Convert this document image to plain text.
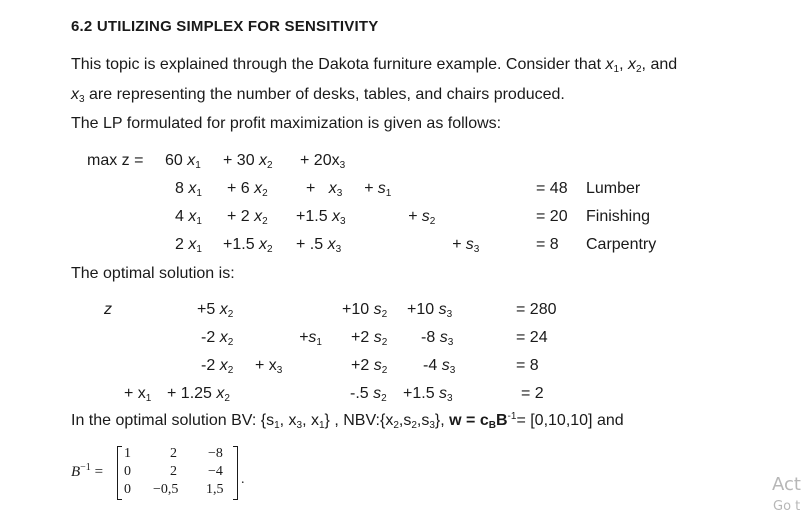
6.2 UTILIZING SIMPLEX FOR SENSITIVITY
This topic is explained through the Dakota furniture example. Consider that x1, x2, and
x3 are representing the number of desks, tables, and chairs produced.
The LP formulated for profit maximization is given as follows:
max z = 60 x1 + 30 x2 + 20x3
8 x1 + 6 x2 + x3 + s1	= 48 Lumber
4 x1 + 2 x2 +1.5 x3	+ s2	= 20 Finishing
2 x1 +1.5 x2 + .5 x3	+ s3	= 8 Carpentry
The optimal solution is:
z	+5 x2	+10 s2 +10 s3	= 280
-2 x2	+s1 +2 s2 -8 s3	= 24
-2 x2 + x3	+2 s2 -4 s3	= 8
+ x1 + 1.25 x2	-.5 s2 +1.5 s3	= 2
In the optimal solution BV: {s1, x3, x1} , NBV:{x2,s2,s3}, w = cBB$^{-1}$= [0,10,10] and
$B^{-1}$ =
1	2 −8
0	2 −4
0 −0,5 1,5
.	Act
Go t
